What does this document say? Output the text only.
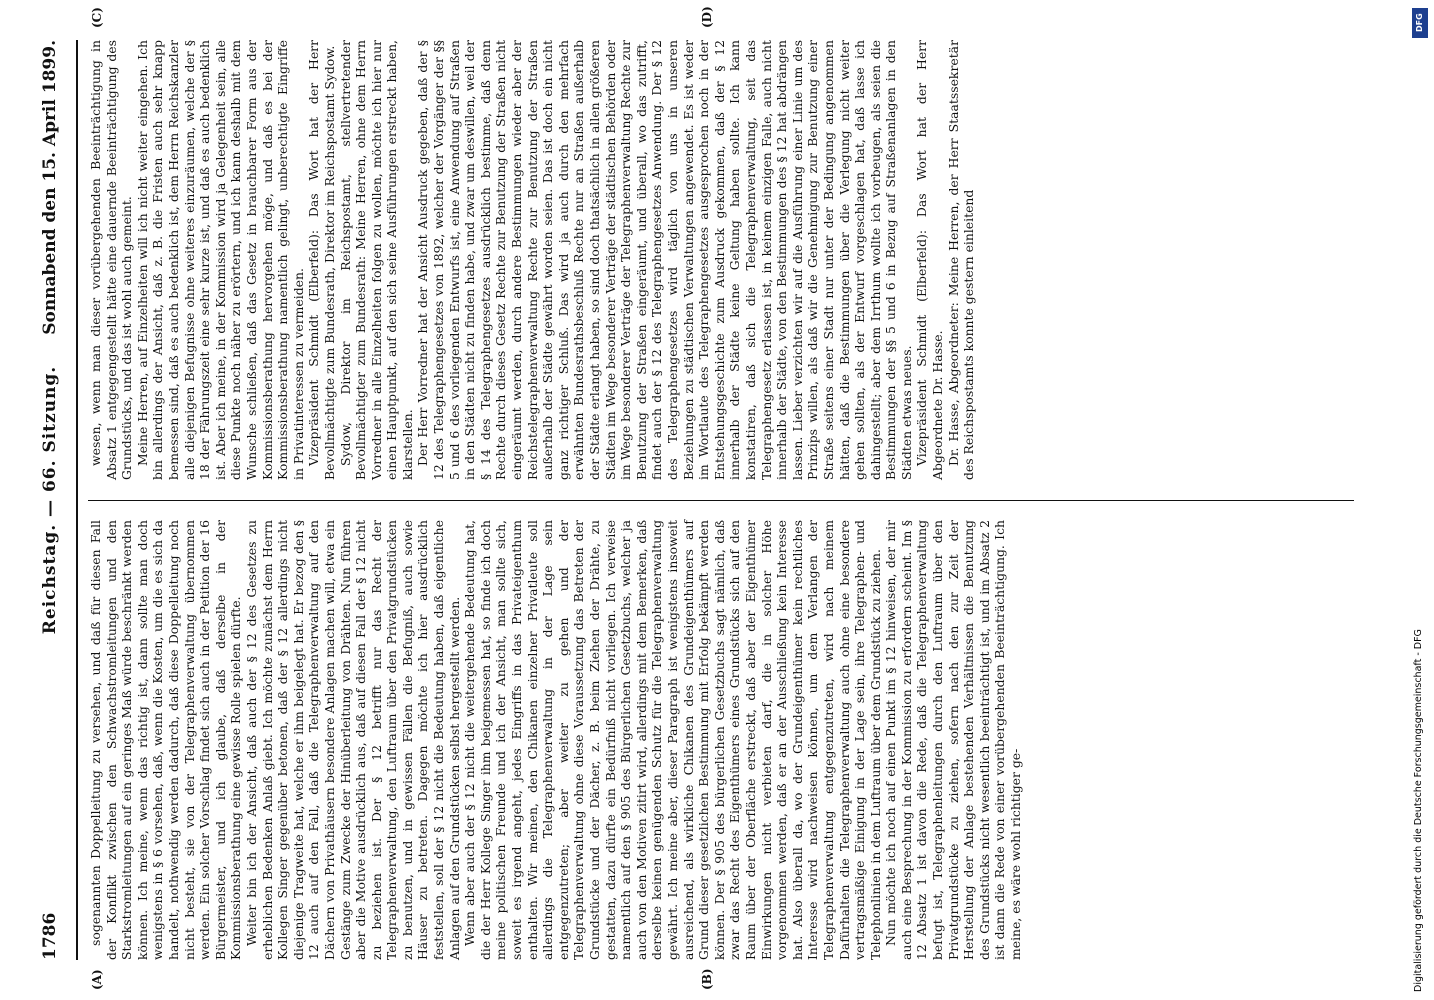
1786
Reichstag. — 66. Sitzung.
Sonnabend den 15. April 1899.
(A)	(B)
(C)	(D)

sogenannten Doppelleitung zu versehen, und daß für diesen Fall der Konflikt zwischen den Schwachstromleitungen und den Starkstromleitungen auf ein geringes Maß würde beschränkt werden können. Ich meine, wenn das richtig ist, dann sollte man doch wenigstens in § 6 vorsehen, daß, wenn die Kosten, um die es sich da handelt, nothwendig werden dadurch, daß diese Doppelleitung noch nicht besteht, sie von der Telegraphenverwaltung übernommen werden. Ein solcher Vorschlag findet sich auch in der Petition der 16 Bürgermeister, und ich glaube, daß derselbe in der Kommissionsberathung eine gewisse Rolle spielen dürfte. Weiter bin ich der Ansicht, daß auch der § 12 des Gesetzes zu erheblichen Bedenken Anlaß giebt. Ich möchte zunächst dem Herrn Kollegen Singer gegenüber betonen, daß der § 12 allerdings nicht diejenige Tragweite hat, welche er ihm beigelegt hat. Er bezog den § 12 auch auf den Fall, daß die Telegraphenverwaltung auf den Dächern von Privathäusern besondere Anlagen machen will, etwa ein Gestänge zum Zwecke der Hinüberleitung von Drähten. Nun führen aber die Motive ausdrücklich aus, daß auf diesen Fall der § 12 nicht zu beziehen ist. Der § 12 betrifft nur das Recht der Telegraphenverwaltung, den Luftraum über den Privatgrundstücken zu benutzen, und in gewissen Fällen die Befugniß, auch sowie Häuser zu betreten. Dagegen möchte ich hier ausdrücklich feststellen, soll der § 12 nicht die Bedeutung haben, daß eigentliche Anlagen auf den Grundstücken selbst hergestellt werden. Wenn aber auch der § 12 nicht die weitergehende Bedeutung hat, die der Herr Kollege Singer ihm beigemessen hat, so finde ich doch meine politischen Freunde und ich der Ansicht, man sollte sich, soweit es irgend angeht, jedes Eingriffs in das Privateigenthum enthalten. Wir meinen, den Chikanen einzelner Privatleute soll allerdings die Telegraphenverwaltung in der Lage sein entgegenzutreten; aber weiter zu gehen und der Telegraphenverwaltung ohne diese Voraussetzung das Betreten der Grundstücke und der Dächer, z. B. beim Ziehen der Drähte, zu gestatten, dazu dürfte ein Bedürfniß nicht vorliegen. Ich verweise namentlich auf den § 905 des Bürgerlichen Gesetzbuchs, welcher ja auch von den Motiven zitirt wird, allerdings mit dem Bemerken, daß derselbe keinen genügenden Schutz für die Telegraphenverwaltung gewährt. Ich meine aber, dieser Paragraph ist wenigstens insoweit ausreichend, als wirkliche Chikanen des Grundeigenthümers auf Grund dieser gesetzlichen Bestimmung mit Erfolg bekämpft werden können. Der § 905 des bürgerlichen Gesetzbuchs sagt nämlich, daß zwar das Recht des Eigenthümers eines Grundstücks sich auf den Raum über der Oberfläche erstreckt, daß aber der Eigenthümer Einwirkungen nicht verbieten darf, die in solcher Höhe vorgenommen werden, daß er an der Ausschließung kein Interesse hat. Also überall da, wo der Grundeigenthümer kein rechtliches Interesse wird nachweisen können, um dem Verlangen der Telegraphenverwaltung entgegenzutreten, wird nach meinem Dafürhalten die Telegraphenverwaltung auch ohne eine besondere vertragsmäßige Einigung in der Lage sein, ihre Telegraphen- und Telephonlinien in dem Luftraum über dem Grundstück zu ziehen. Nun möchte ich noch auf einen Punkt im § 12 hinweisen, der mir auch eine Besprechung in der Kommission zu erfordern scheint. Im § 12 Absatz 1 ist davon die Rede, daß die Telegraphenverwaltung befugt ist, Telegraphenleitungen durch den Luftraum über den Privatgrundstücke zu ziehen, sofern nach den zur Zeit der Herstellung der Anlage bestehenden Verhältnissen die Benutzung des Grundstücks nicht wesentlich beeinträchtigt ist, und im Absatz 2 ist dann die Rede von einer vorübergehenden Beeinträchtigung. Ich meine, es wäre wohl richtiger ge-

wesen, wenn man dieser vorübergehenden Beeinträchtigung in Absatz 1 entgegengestellt hätte eine dauernde Beeinträchtigung des Grundstücks, und das ist wohl auch gemeint. Meine Herren, auf Einzelheiten will ich nicht weiter eingehen. Ich bin allerdings der Ansicht, daß z. B. die Fristen auch sehr knapp bemessen sind, daß es auch bedenklich ist, dem Herrn Reichskanzler alle diejenigen Befugnisse ohne weiteres einzuräumen, welche der § 18 der Fährungszeit eine sehr kurze ist, und daß es auch bedenklich ist. Aber ich meine, in der Kommission wird ja Gelegenheit sein, alle diese Punkte noch näher zu erörtern, und ich kann deshalb mit dem Wunsche schließen, daß das Gesetz in brauchbarer Form aus der Kommissionsberathung hervorgehen möge, und daß es bei der Kommissionsberathung namentlich gelingt, unberechtigte Eingriffe in Privatinteressen zu vermeiden. Vizepräsident Schmidt (Elberfeld): Das Wort hat der Herr Bevollmächtigte zum Bundesrath, Direktor im Reichspostamt Sydow. Sydow, Direktor im Reichspostamt, stellvertretender Bevollmächtigter zum Bundesrath: Meine Herren, ohne dem Herrn Vorredner in alle Einzelheiten folgen zu wollen, möchte ich hier nur einen Hauptpunkt, auf den sich seine Ausführungen erstreckt haben, klarstellen. Der Herr Vorredner hat der Ansicht Ausdruck gegeben, daß der § 12 des Telegraphengesetzes von 1892, welcher der Vorgänger der §§ 5 und 6 des vorliegenden Entwurfs ist, eine Anwendung auf Straßen in den Städten nicht zu finden habe, und zwar um deswillen, weil der § 14 des Telegraphengesetzes ausdrücklich bestimme, daß denn Rechte durch dieses Gesetz Rechte zur Benutzung der Straßen nicht eingeräumt werden, durch andere Bestimmungen wieder aber der Reichstelegraphenverwaltung Rechte zur Benutzung der Straßen außerhalb der Städte gewährt worden seien. Das ist doch ein nicht ganz richtiger Schluß. Das wird ja auch durch den mehrfach erwähnten Bundesrathsbeschluß Rechte nur an Straßen außerhalb der Städte erlangt haben, so sind doch thatsächlich in allen größeren Städten im Wege besonderer Verträge der städtischen Behörden oder im Wege besonderer Verträge der Telegraphenverwaltung Rechte zur Benutzung der Straßen eingeräumt, und überall, wo das zutrifft, findet auch der § 12 des Telegraphengesetzes Anwendung. Der § 12 des Telegraphengesetzes wird täglich von uns in unseren Beziehungen zu städtischen Verwaltungen angewendet. Es ist weder im Wortlaute des Telegraphengesetzes ausgesprochen noch in der Entstehungsgeschichte zum Ausdruck gekommen, daß der § 12 innerhalb der Städte keine Geltung haben sollte. Ich kann konstatiren, daß sich die Telegraphenverwaltung, seit das Telegraphengesetz erlassen ist, in keinem einzigen Falle, auch nicht innerhalb der Städte, von den Bestimmungen des § 12 hat abdrängen lassen. Lieber verzichten wir auf die Ausführung einer Linie um des Prinzips willen, als daß wir die Genehmigung zur Benutzung einer Straße seitens einer Stadt nur unter der Bedingung angenommen hätten, daß die Bestimmungen über die Verlegung nicht weiter gehen sollten, als der Entwurf vorgeschlagen hat, daß lasse ich dahingestellt; aber dem Irrthum wollte ich vorbeugen, als seien die Bestimmungen der §§ 5 und 6 in Bezug auf Straßenanlagen in den Städten etwas neues. Vizepräsident Schmidt (Elberfeld): Das Wort hat der Herr Abgeordnete Dr. Hasse. Dr. Hasse, Abgeordneter: Meine Herren, der Herr Staatssekretär des Reichspostamts konnte gestern einleitend

Digitalisierung gefördert durch die Deutsche Forschungsgemeinschaft - DFG
DFG
